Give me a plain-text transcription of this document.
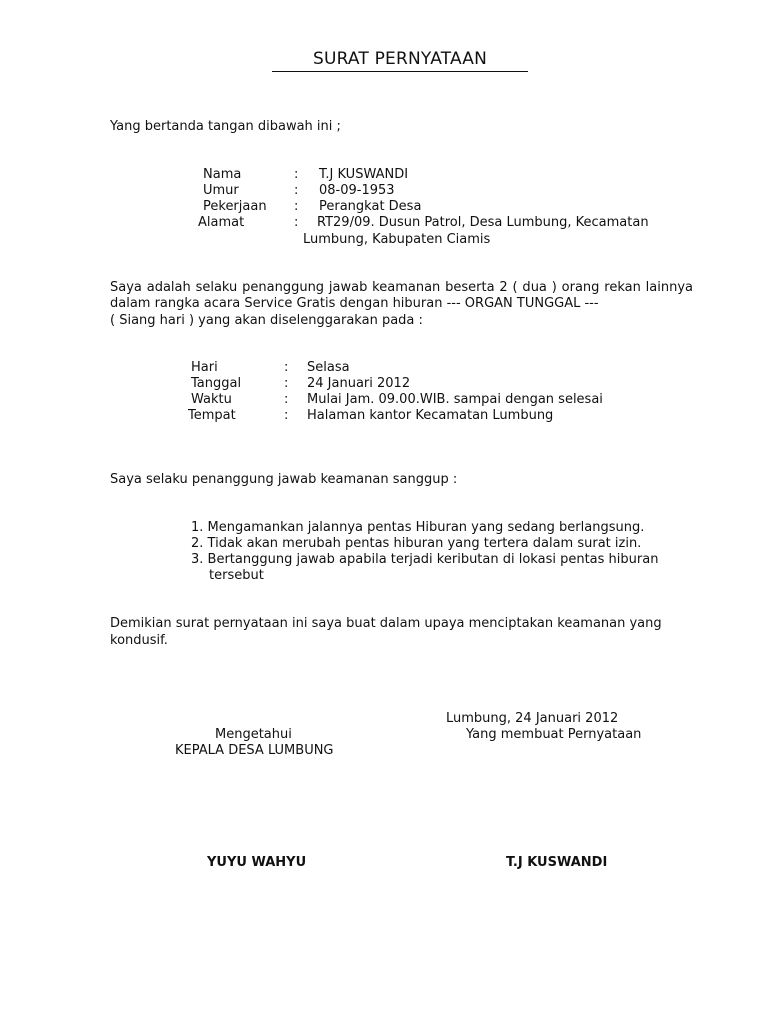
SURAT PERNYATAAN
Yang bertanda tangan dibawah ini ;
Nama	: T.J KUSWANDI
Umur	: 08-09-1953
Pekerjaan : Perangkat Desa
Alamat	: RT29/09. Dusun Patrol, Desa Lumbung, Kecamatan
Lumbung, Kabupaten Ciamis
Saya adalah selaku penanggung jawab keamanan beserta 2 ( dua ) orang rekan lainnya
dalam rangka acara Service Gratis dengan hiburan --- ORGAN TUNGGAL ---
( Siang hari ) yang akan diselenggarakan pada :
Hari	: Selasa
Tanggal	: 24 Januari 2012
Waktu	: Mulai Jam. 09.00.WIB. sampai dengan selesai
Tempat	: Halaman kantor Kecamatan Lumbung
Saya selaku penanggung jawab keamanan sanggup :
1. Mengamankan jalannya pentas Hiburan yang sedang berlangsung.
2. Tidak akan merubah pentas hiburan yang tertera dalam surat izin.
3. Bertanggung jawab apabila terjadi keributan di lokasi pentas hiburan
tersebut
Demikian surat pernyataan ini saya buat dalam upaya menciptakan keamanan yang
kondusif.
Lumbung, 24 Januari 2012
Mengetahui	Yang membuat Pernyataan
KEPALA DESA LUMBUNG
YUYU WAHYU	T.J KUSWANDI
